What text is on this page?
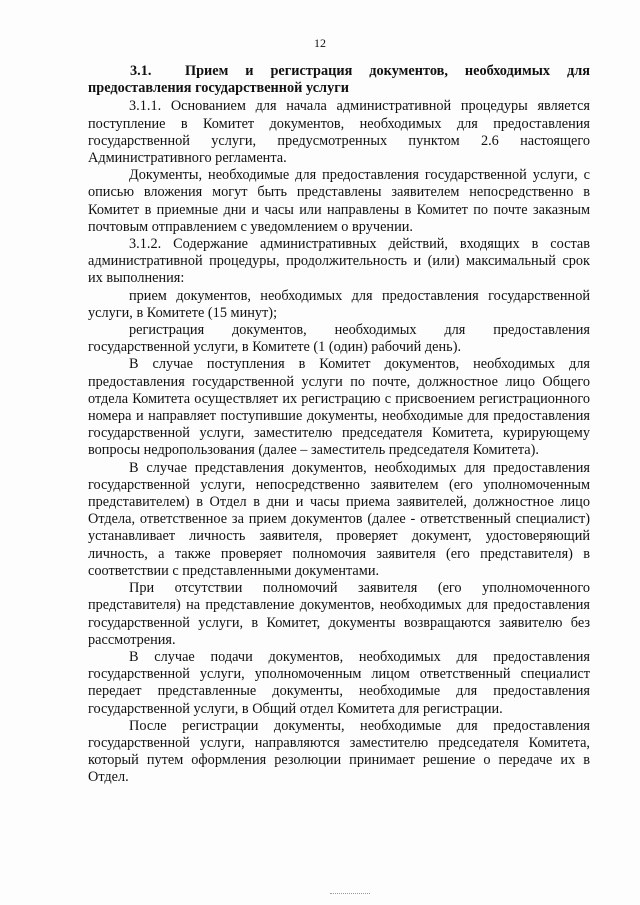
12

3.1. Прием и регистрация документов, необходимых для предоставления государственной услуги

3.1.1. Основанием для начала административной процедуры является поступление в Комитет документов, необходимых для предоставления государственной услуги, предусмотренных пунктом 2.6 настоящего Административного регламента.

Документы, необходимые для предоставления государственной услуги, с описью вложения могут быть представлены заявителем непосредственно в Комитет в приемные дни и часы или направлены в Комитет по почте заказным почтовым отправлением с уведомлением о вручении.

3.1.2. Содержание административных действий, входящих в состав административной процедуры, продолжительность и (или) максимальный срок их выполнения:

прием документов, необходимых для предоставления государственной услуги, в Комитете (15 минут);

регистрация документов, необходимых для предоставления государственной услуги, в Комитете (1 (один) рабочий день).

В случае поступления в Комитет документов, необходимых для предоставления государственной услуги по почте, должностное лицо Общего отдела Комитета осуществляет их регистрацию с присвоением регистрационного номера и направляет поступившие документы, необходимые для предоставления государственной услуги, заместителю председателя Комитета, курирующему вопросы недропользования (далее – заместитель председателя Комитета).

В случае представления документов, необходимых для предоставления государственной услуги, непосредственно заявителем (его уполномоченным представителем) в Отдел в дни и часы приема заявителей, должностное лицо Отдела, ответственное за прием документов (далее - ответственный специалист) устанавливает личность заявителя, проверяет документ, удостоверяющий личность, а также проверяет полномочия заявителя (его представителя) в соответствии с представленными документами.

При отсутствии полномочий заявителя (его уполномоченного представителя) на представление документов, необходимых для предоставления государственной услуги, в Комитет, документы возвращаются заявителю без рассмотрения.

В случае подачи документов, необходимых для предоставления государственной услуги, уполномоченным лицом ответственный специалист передает представленные документы, необходимые для предоставления государственной услуги, в Общий отдел Комитета для регистрации.

После регистрации документы, необходимые для предоставления государственной услуги, направляются заместителю председателя Комитета, который путем оформления резолюции принимает решение о передаче их в Отдел.
